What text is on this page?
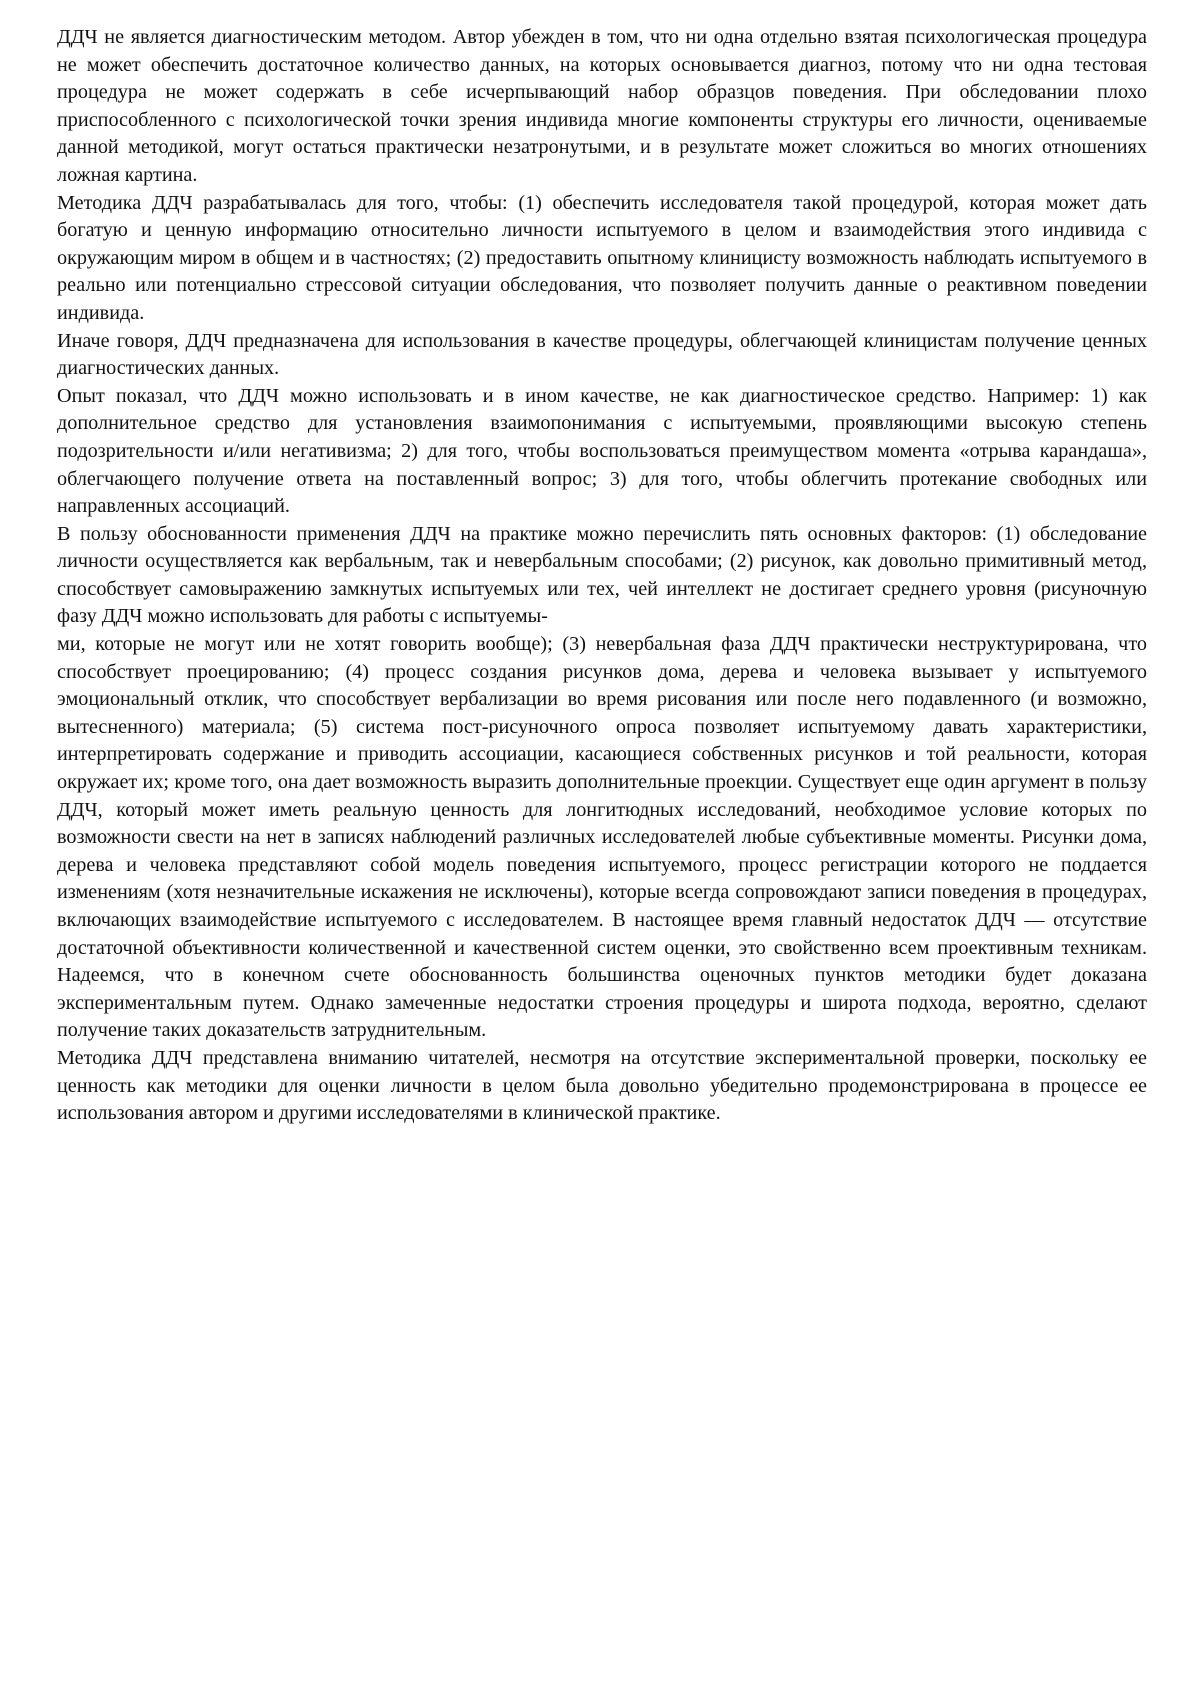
ДДЧ не является диагностическим методом. Автор убежден в том, что ни одна отдельно взятая психологическая процедура не может обеспечить достаточное количество данных, на которых основывается диагноз, потому что ни одна тестовая процедура не может содержать в себе исчерпывающий набор образцов поведения. При обследовании плохо приспособленного с психологической точки зрения индивида многие компоненты структуры его личности, оцениваемые данной методикой, могут остаться практически незатронутыми, и в результате может сложиться во многих отношениях ложная картина.

Методика ДДЧ разрабатывалась для того, чтобы: (1) обеспечить исследователя такой процедурой, которая может дать богатую и ценную информацию относительно личности испытуемого в целом и взаимодействия этого индивида с окружающим миром в общем и в частностях; (2) предоставить опытному клиницисту возможность наблюдать испытуемого в реально или потенциально стрессовой ситуации обследования, что позволяет получить данные о реактивном поведении индивида.

Иначе говоря, ДДЧ предназначена для использования в качестве процедуры, облегчающей клиницистам получение ценных диагностических данных.

Опыт показал, что ДДЧ можно использовать и в ином качестве, не как диагностическое средство. Например: 1) как дополнительное средство для установления взаимопонимания с испытуемыми, проявляющими высокую степень подозрительности и/или негативизма; 2) для того, чтобы воспользоваться преимуществом момента «отрыва карандаша», облегчающего получение ответа на поставленный вопрос; 3) для того, чтобы облегчить протекание свободных или направленных ассоциаций.

В пользу обоснованности применения ДДЧ на практике можно перечислить пять основных факторов: (1) обследование личности осуществляется как вербальным, так и невербальным способами; (2) рисунок, как довольно примитивный метод, способствует самовыражению замкнутых испытуемых или тех, чей интеллект не достигает среднего уровня (рисуночную фазу ДДЧ можно использовать для работы с испытуемы-

ми, которые не могут или не хотят говорить вообще); (3) невербальная фаза ДДЧ практически неструктурирована, что способствует проецированию; (4) процесс создания рисунков дома, дерева и человека вызывает у испытуемого эмоциональный отклик, что способствует вербализации во время рисования или после него подавленного (и возможно, вытесненного) материала; (5) система пост-рисуночного опроса позволяет испытуемому давать характеристики, интерпретировать содержание и приводить ассоциации, касающиеся собственных рисунков и той реальности, которая окружает их; кроме того, она дает возможность выразить дополнительные проекции. Существует еще один аргумент в пользу ДДЧ, который может иметь реальную ценность для лонгитюдных исследований, необходимое условие которых по возможности свести на нет в записях наблюдений различных исследователей любые субъективные моменты. Рисунки дома, дерева и человека представляют собой модель поведения испытуемого, процесс регистрации которого не поддается изменениям (хотя незначительные искажения не исключены), которые всегда сопровождают записи поведения в процедурах, включающих взаимодействие испытуемого с исследователем. В настоящее время главный недостаток ДДЧ — отсутствие достаточной объективности количественной и качественной систем оценки, это свойственно всем проективным техникам. Надеемся, что в конечном счете обоснованность большинства оценочных пунктов методики будет доказана экспериментальным путем. Однако замеченные недостатки строения процедуры и широта подхода, вероятно, сделают получение таких доказательств затруднительным.

Методика ДДЧ представлена вниманию читателей, несмотря на отсутствие экспериментальной проверки, поскольку ее ценность как методики для оценки личности в целом была довольно убедительно продемонстрирована в процессе ее использования автором и другими исследователями в клинической практике.
